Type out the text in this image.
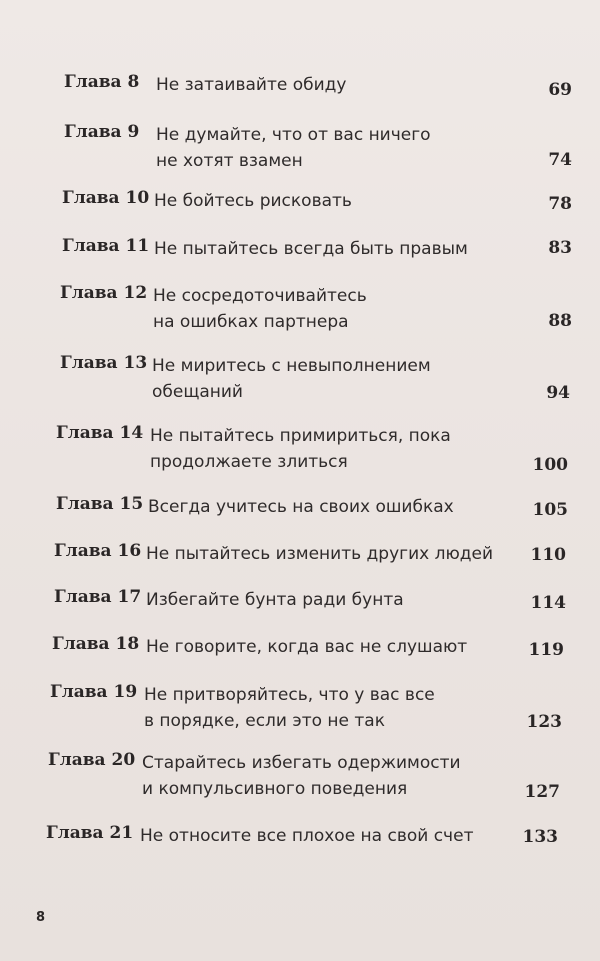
Глава 8 Не затаивайте обиду	69
Глава 9 Не думайте, что от вас ничего
не хотят взамен	74
Глава 10 Не бойтесь рисковать	78
Глава 11 Не пытайтесь всегда быть правым	83
Глава 12 Не сосредоточивайтесь
на ошибках партнера	88
Глава 13 Не миритесь с невыполнением
обещаний	94
Глава 14 Не пытайтесь примириться, пока
продолжаете злиться	100
Глава 15 Всегда учитесь на своих ошибках	105
Глава 16 Не пытайтесь изменить других людей 110
Глава 17 Избегайте бунта ради бунта	114
Глава 18 Не говорите, когда вас не слушают	119
Глава 19 Не притворяйтесь, что у вас все
в порядке, если это не так	123
Глава 20 Старайтесь избегать одержимости
и компульсивного поведения	127
Глава 21 Не относите все плохое на свой счет	133
8
